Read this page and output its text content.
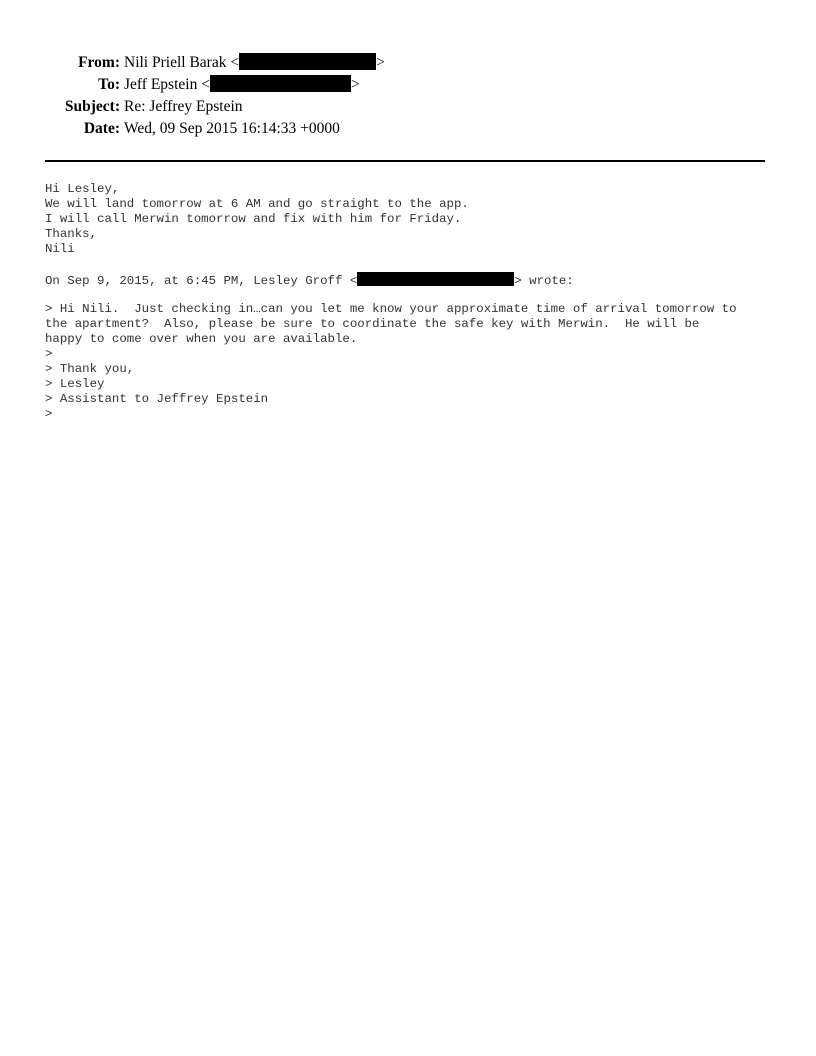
From: Nili Priell Barak <	>
To: Jeff Epstein <	>
Subject: Re: Jeffrey Epstein
Date: Wed, 09 Sep 2015 16:14:33 +0000
Hi Lesley,
We will land tomorrow at 6 AM and go straight to the app.
I will call Merwin tomorrow and fix with him for Friday.
Thanks,
Nili
On Sep 9, 2015, at 6:45 PM, Lesley Groff <	> wrote:
> Hi Nili.  Just checking in…can you let me know your approximate time of arrival tomorrow to
the apartment?  Also, please be sure to coordinate the safe key with Merwin.  He will be
happy to come over when you are available.
>
> Thank you,
> Lesley
> Assistant to Jeffrey Epstein
>
